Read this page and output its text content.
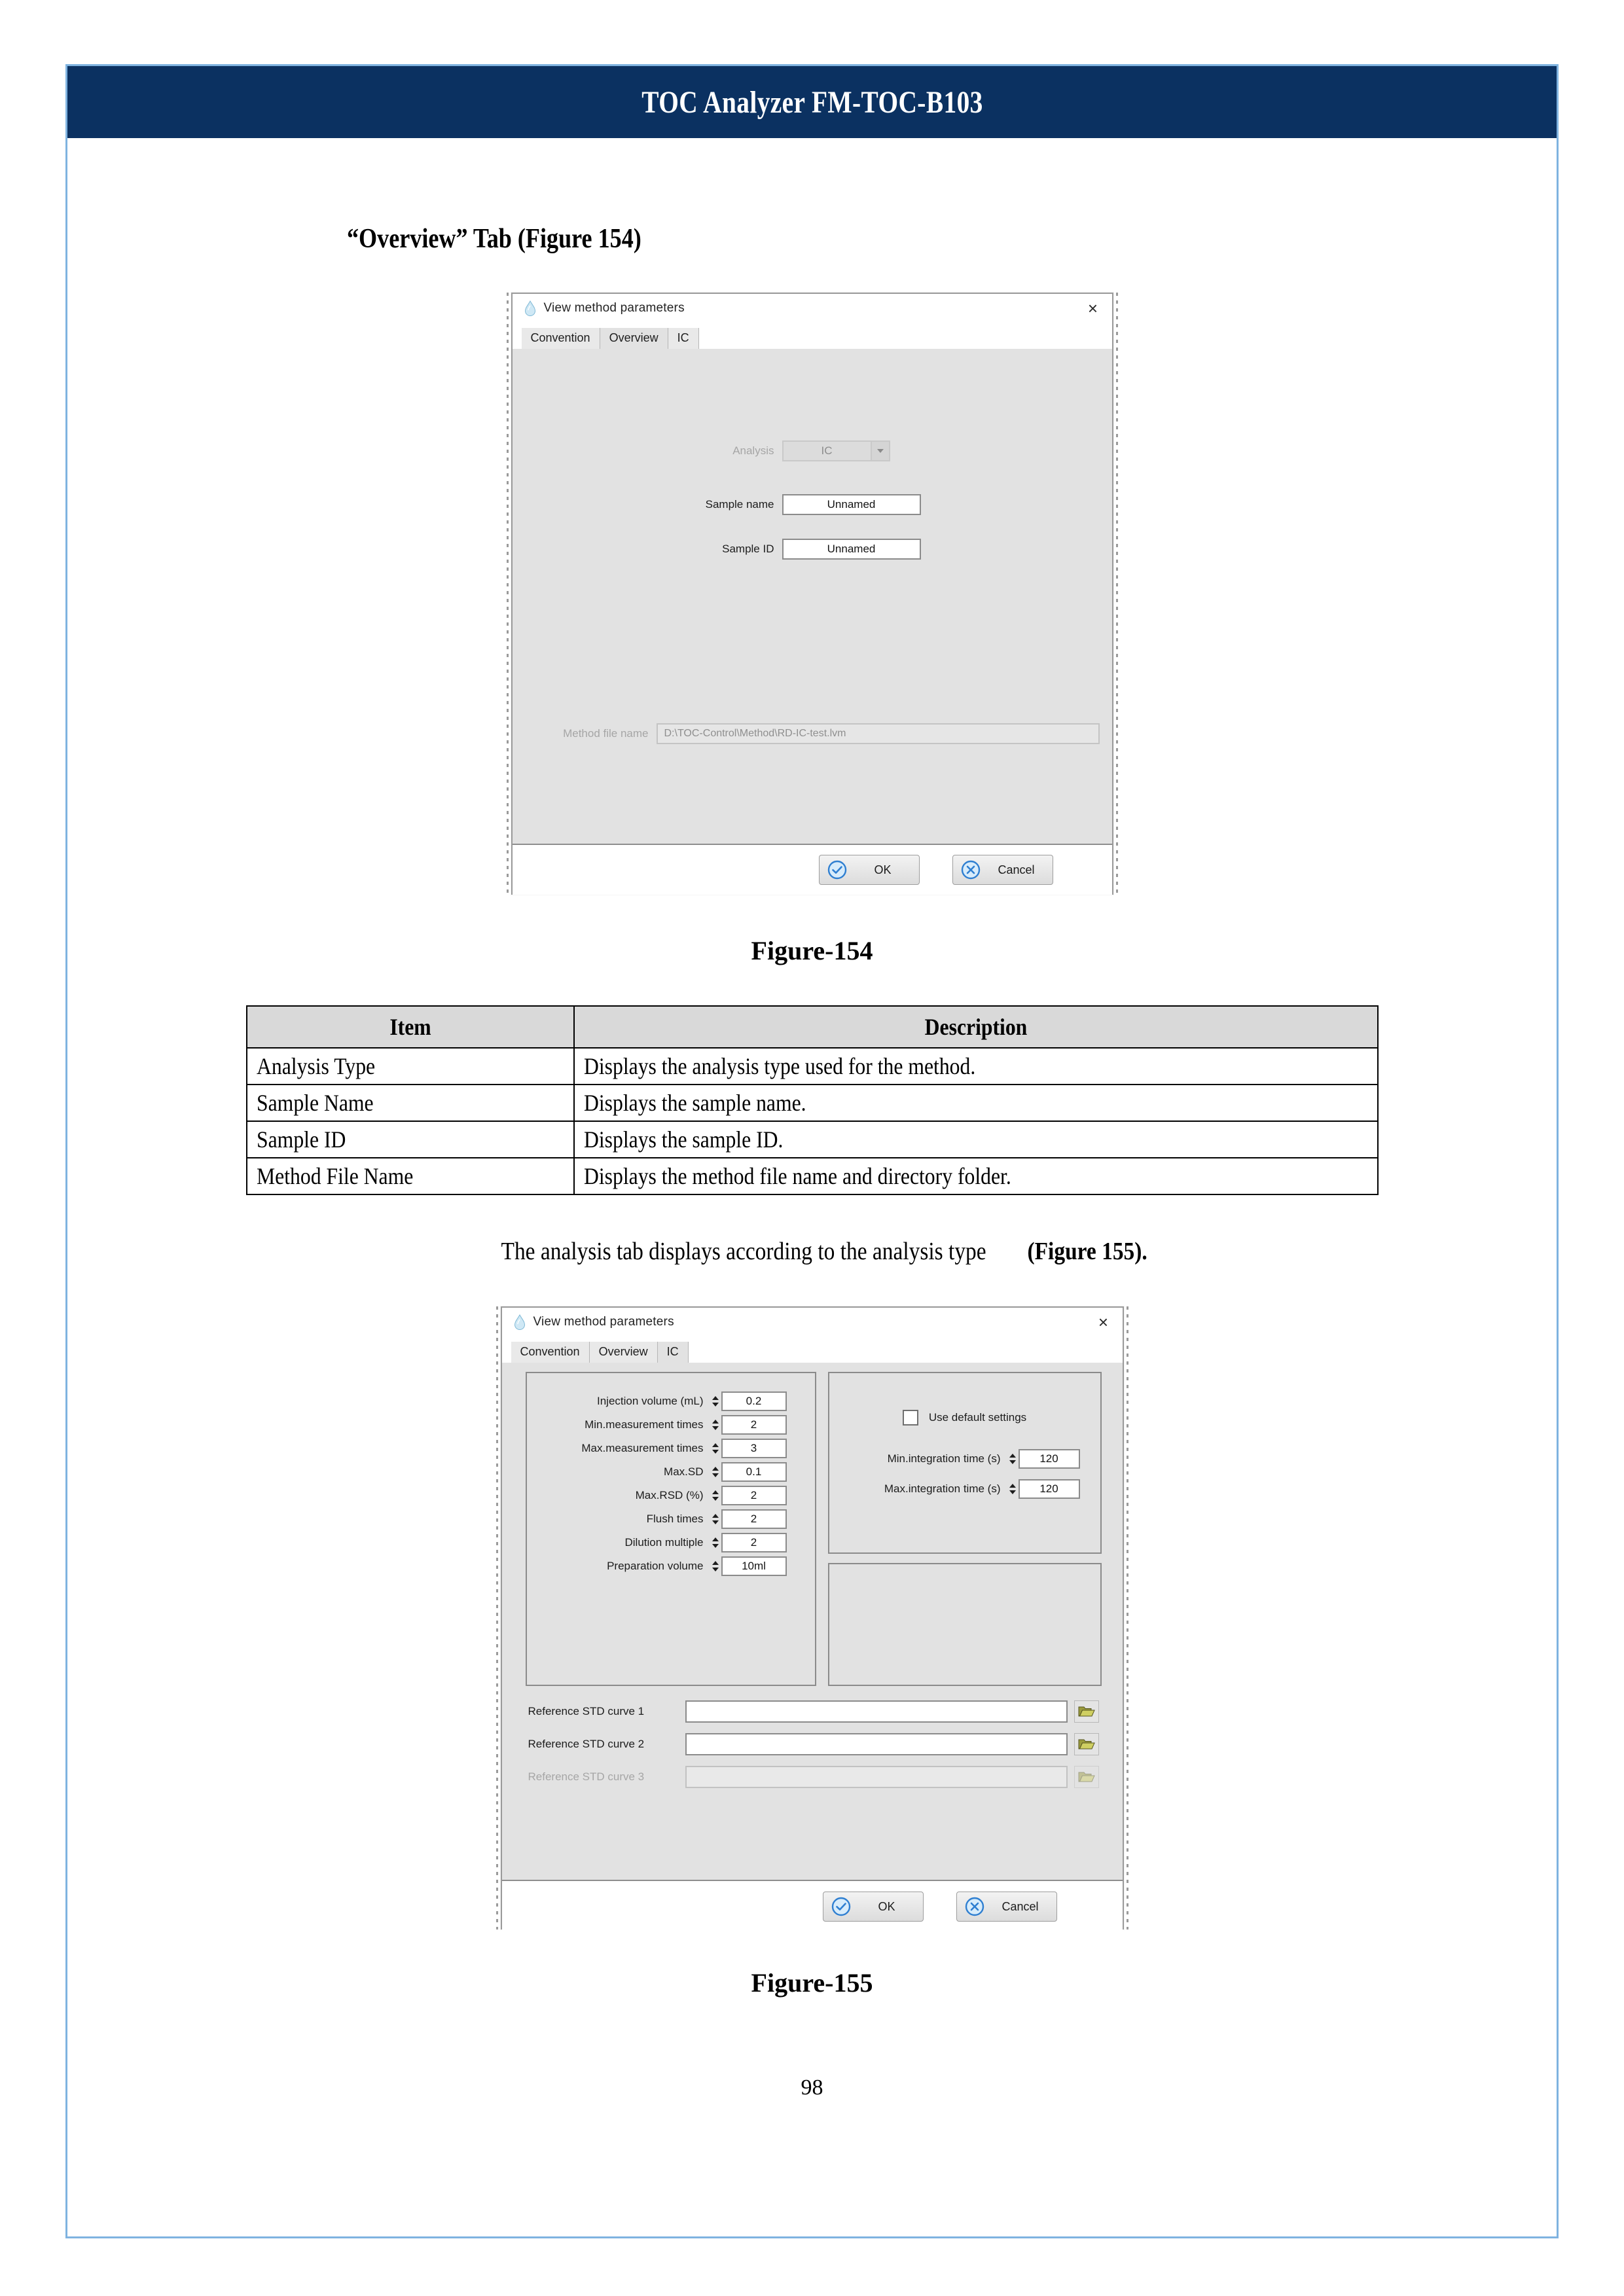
TOC Analyzer FM-TOC-B103
“Overview” Tab (Figure 154)
View method parameters	×
Convention	Overview	IC
Analysis	IC
Sample name	Unnamed
Sample ID	Unnamed
Method file name	D:\TOC-Control\Method\RD-IC-test.lvm
OK	Cancel
Figure-154
Item	Description
Analysis Type	Displays the analysis type used for the method.
Sample Name	Displays the sample name.
Sample ID	Displays the sample ID.
Method File Name	Displays the method file name and directory folder.
The analysis tab displays according to the analysis type(Figure 155).
View method parameters	×
Convention	Overview	IC
Injection volume (mL)	0.2
Min.measurement times	2
Max.measurement times	3
Max.SD	0.1
Max.RSD (%)	2
Flush times	2
Dilution multiple	2
Preparation volume	10ml
Use default settings
Min.integration time (s)	120
Max.integration time (s)	120
Reference STD curve 1
Reference STD curve 2
Reference STD curve 3
OK	Cancel
Figure-155
98
